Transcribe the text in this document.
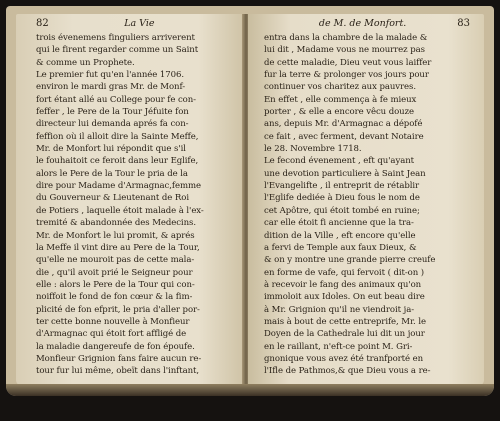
82	La Vie
trois évenemens finguliers arriverent
qui le firent regarder comme un Saint
& comme un Prophete.
Le premier fut qu'en l'année 1706.
environ le mardi gras Mr. de Monf-
fort étant allé au College pour fe con-
feffer , le Pere de la Tour Jéfuite fon
directeur lui demanda aprés fa con-
feffion où il alloit dire la Sainte Meffe,
Mr. de Monfort lui répondit que s'il
le fouhaitoit ce feroit dans leur Eglife,
alors le Pere de la Tour le pria de la
dire pour Madame d'Armagnac,femme
du Gouverneur & Lieutenant de Roi
de Potiers , laquelle étoit malade à l'ex-
tremité & abandonnée des Medecins.
Mr. de Monfort le lui promit, & aprés
la Meffe il vint dire au Pere de la Tour,
qu'elle ne mouroit pas de cette mala-
die , qu'il avoit prié le Seigneur pour
elle : alors le Pere de la Tour qui con-
noiffoit le fond de fon cœur & la fim-
plicité de fon efprit, le pria d'aller por-
ter cette bonne nouvelle à Monfieur
d'Armagnac qui étoit fort affligé de
la maladie dangereufe de fon époufe.
Monfieur Grignion fans faire aucun re-
tour fur lui même, obeït dans l'inftant,
de M. de Monfort.	83
entra dans la chambre de la malade &
lui dit , Madame vous ne mourrez pas
de cette maladie, Dieu veut vous laiffer
fur la terre & prolonger vos jours pour
continuer vos charitez aux pauvres.
En effet , elle commença à fe mieux
porter , & elle a encore vêcu douze
ans, depuis Mr. d'Armagnac a dépofé
ce fait , avec ferment, devant Notaire
le 28. Novembre 1718.
Le fecond évenement , eft qu'ayant
une devotion particuliere à Saint Jean
l'Evangelifte , il entreprit de rétablir
l'Eglife dediée à Dieu fous le nom de
cet Apôtre, qui étoit tombé en ruine;
car elle étoit fi ancienne que la tra-
dition de la Ville , eft encore qu'elle
a fervi de Temple aux faux Dieux, &
& on y montre une grande pierre creufe
en forme de vafe, qui fervoit ( dit-on )
à recevoir le fang des animaux qu'on
immoloit aux Idoles. On eut beau dire
à Mr. Grignion qu'il ne viendroit ja-
mais à bout de cette entreprife, Mr. le
Doyen de la Cathedrale lui dit un jour
en le raillant, n'eft-ce point M. Gri-
gnonique vous avez été tranfporté en
l'Ifle de Pathmos,& que Dieu vous a re-
